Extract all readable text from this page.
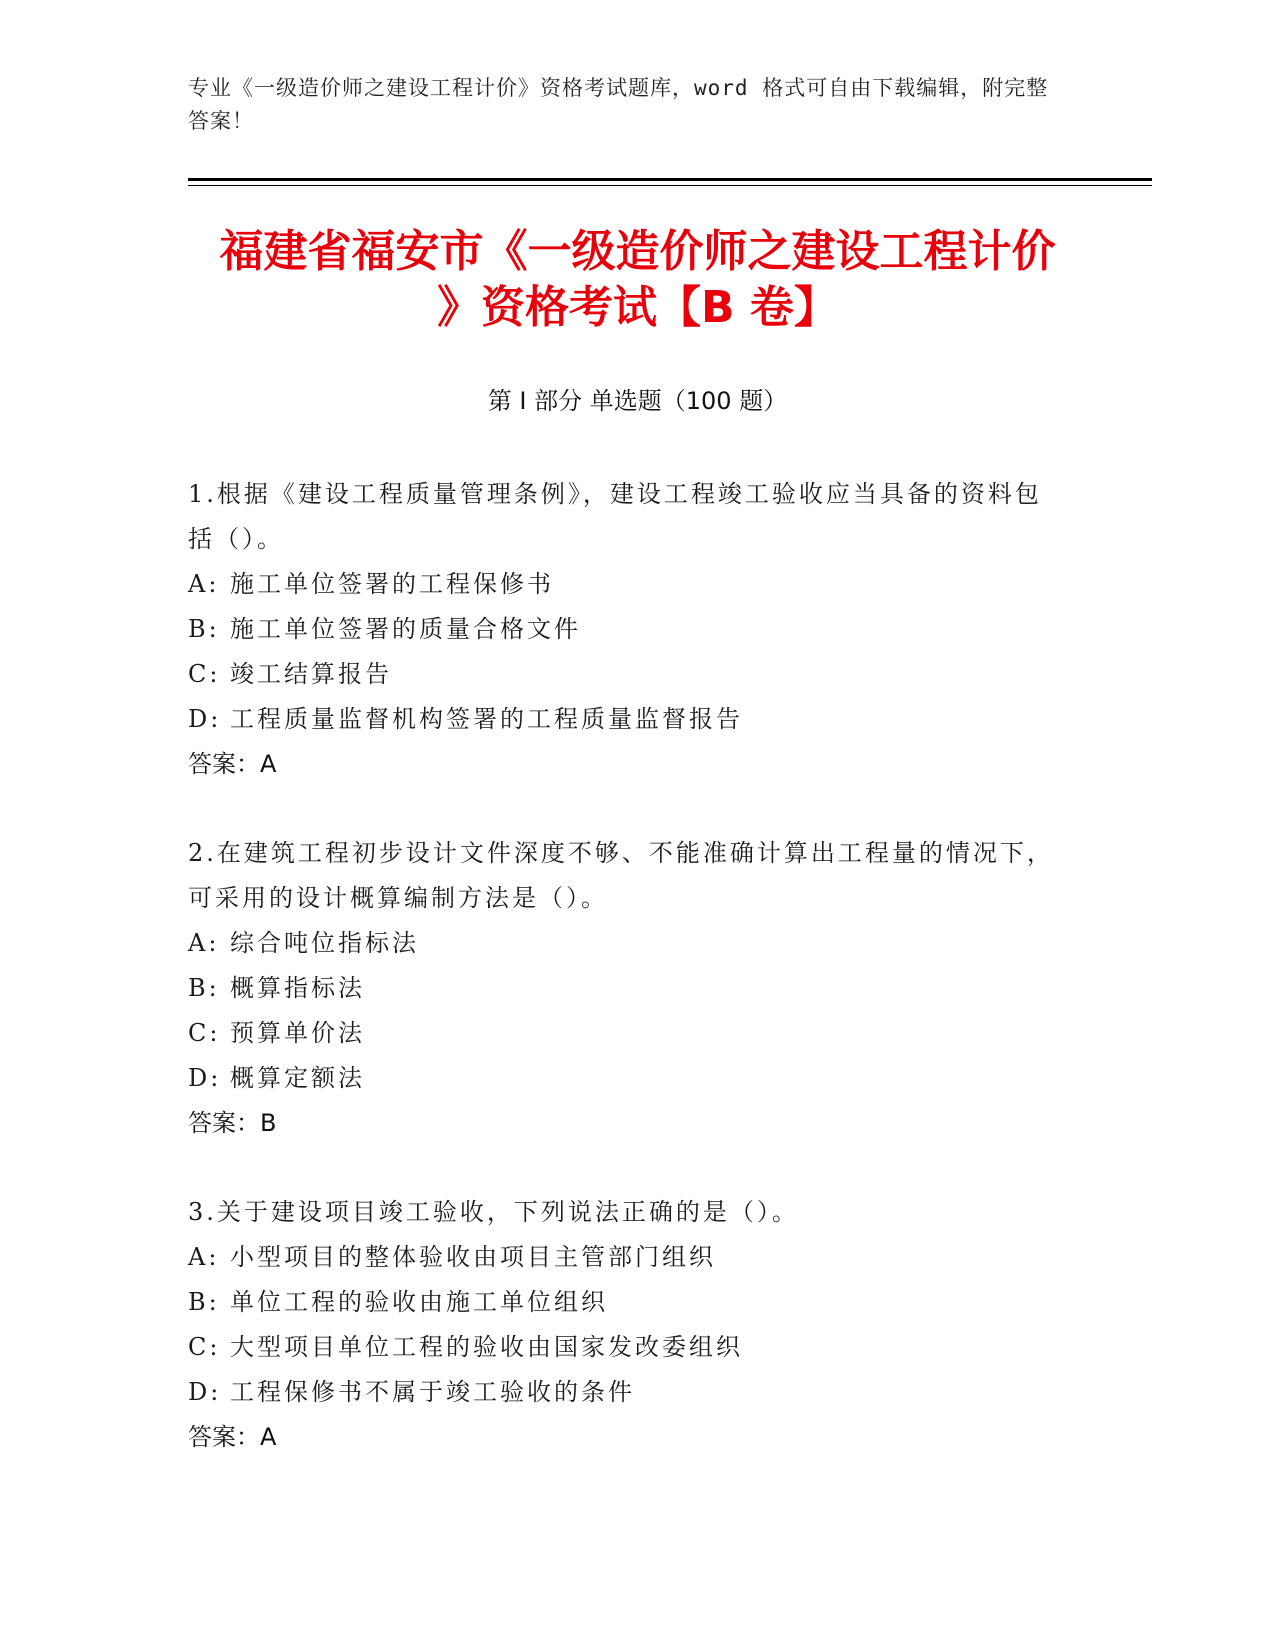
专业《一级造价师之建设工程计价》资格考试题库，word 格式可自由下载编辑，附完整答案！
福建省福安市《一级造价师之建设工程计价
》资格考试【B 卷】
第 I 部分 单选题（100 题）

1.根据《建设工程质量管理条例》，建设工程竣工验收应当具备的资料包括（）。

A: 施工单位签署的工程保修书
B: 施工单位签署的质量合格文件
C: 竣工结算报告
D: 工程质量监督机构签署的工程质量监督报告
答案：A

2.在建筑工程初步设计文件深度不够、不能准确计算出工程量的情况下，可采用的设计概算编制方法是（）。

A: 综合吨位指标法
B: 概算指标法
C: 预算单价法
D: 概算定额法
答案：B

3.关于建设项目竣工验收，下列说法正确的是（）。

A: 小型项目的整体验收由项目主管部门组织
B: 单位工程的验收由施工单位组织
C: 大型项目单位工程的验收由国家发改委组织
D: 工程保修书不属于竣工验收的条件
答案：A
